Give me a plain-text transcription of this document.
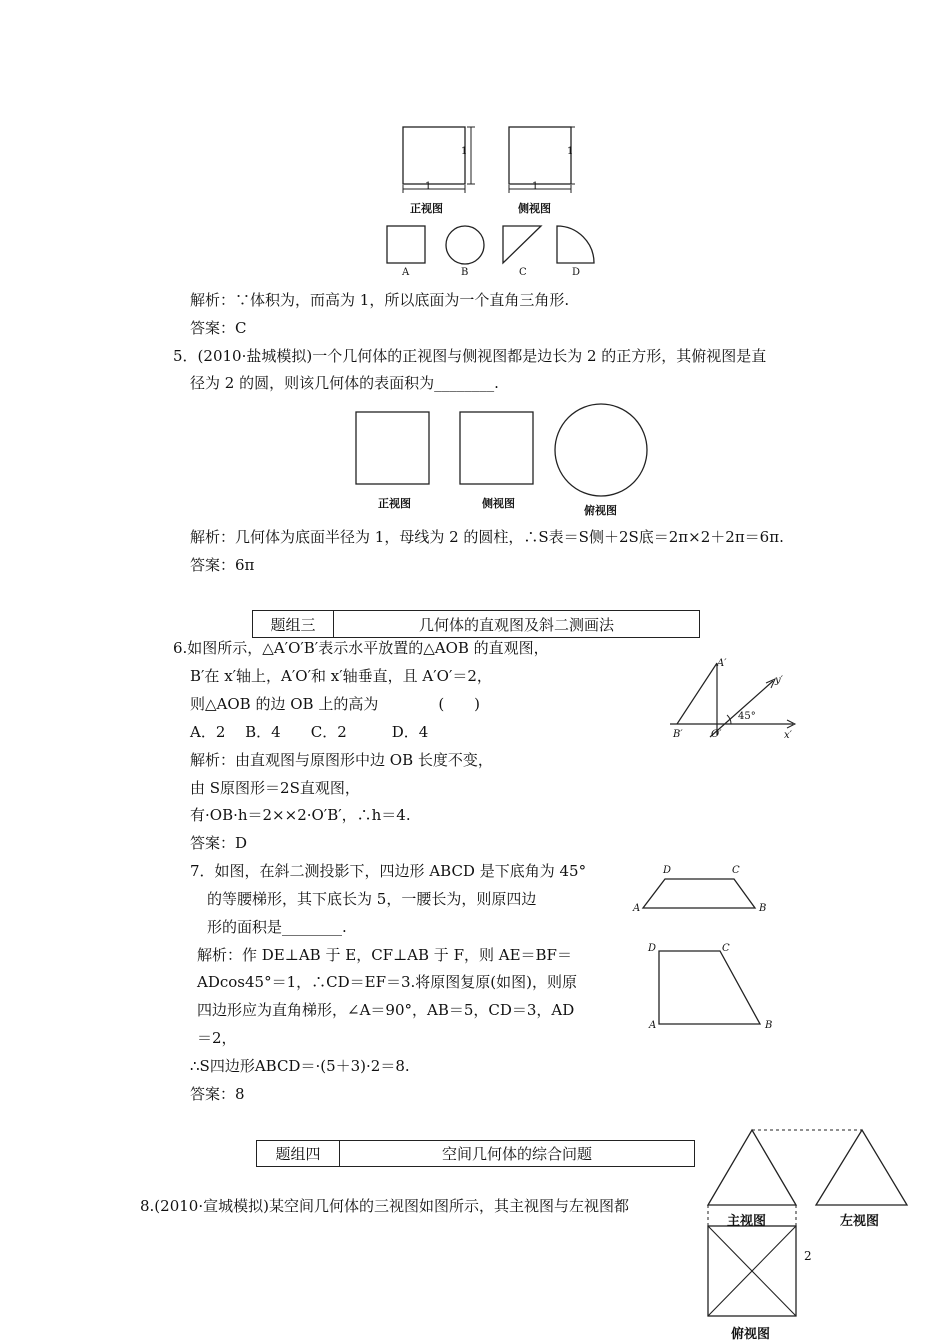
1
1
1
1
正视图	侧视图
A	B	C	D
解析：∵体积为，而高为 1，所以底面为一个直角三角形.
答案：C
5．(2010·盐城模拟)一个几何体的正视图与侧视图都是边长为 2 的正方形，其俯视图是直
径为 2 的圆，则该几何体的表面积为________.
正视图	侧视图
俯视图
解析：几何体为底面半径为 1，母线为 2 的圆柱，∴S表＝S侧＋2S底＝2π×2＋2π＝6π.
答案：6π
题组三	几何体的直观图及斜二测画法
6.如图所示，△A′O′B′表示水平放置的△AOB 的直观图，
B′在 x′轴上，A′O′和 x′轴垂直，且 A′O′＝2，
则△AOB 的边 OB 上的高为　　　　(　　)
A．2　 B．4　　C．2　　　D．4
解析：由直观图与原图形中边 OB 长度不变，
由 S原图形＝2S直观图，
有·OB·h＝2××2·O′B′，∴h＝4.
答案：D
A′
y′
45°
B′	O′	x′
7．如图，在斜二测投影下，四边形 ABCD 是下底角为 45°
的等腰梯形，其下底长为 5，一腰长为，则原四边
形的面积是________.
解析：作 DE⊥AB 于 E，CF⊥AB 于 F，则 AE＝BF＝
ADcos45°＝1，∴CD＝EF＝3.将原图复原(如图)，则原
四边形应为直角梯形，∠A＝90°，AB＝5，CD＝3，AD
＝2，
∴S四边形ABCD＝·(5＋3)·2＝8.
答案：8
D	C
A	B
D	C
A	B
题组四	空间几何体的综合问题
8.(2010·宣城模拟)某空间几何体的三视图如图所示，其主视图与左视图都
主视图	左视图
2
俯视图
